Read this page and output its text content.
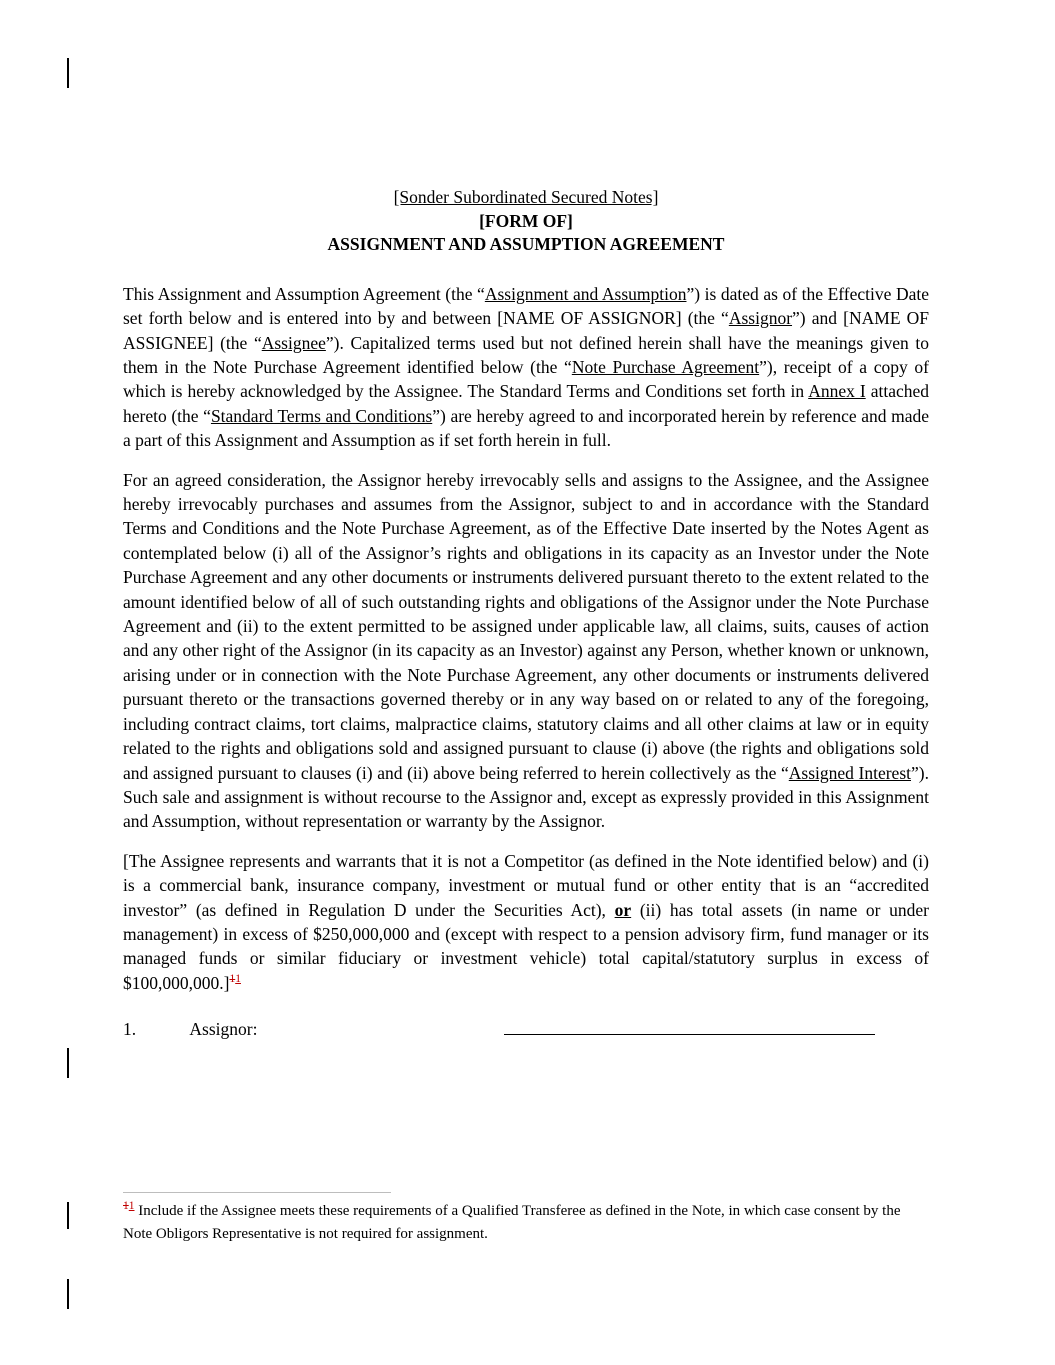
[Sonder Subordinated Secured Notes]
[FORM OF]
ASSIGNMENT AND ASSUMPTION AGREEMENT

This Assignment and Assumption Agreement (the “Assignment and Assumption”) is dated as of the Effective Date set forth below and is entered into by and between [NAME OF ASSIGNOR] (the “Assignor”) and [NAME OF ASSIGNEE] (the “Assignee”). Capitalized terms used but not defined herein shall have the meanings given to them in the Note Purchase Agreement identified below (the “Note Purchase Agreement”), receipt of a copy of which is hereby acknowledged by the Assignee. The Standard Terms and Conditions set forth in Annex I attached hereto (the “Standard Terms and Conditions”) are hereby agreed to and incorporated herein by reference and made a part of this Assignment and Assumption as if set forth herein in full.

For an agreed consideration, the Assignor hereby irrevocably sells and assigns to the Assignee, and the Assignee hereby irrevocably purchases and assumes from the Assignor, subject to and in accordance with the Standard Terms and Conditions and the Note Purchase Agreement, as of the Effective Date inserted by the Notes Agent as contemplated below (i) all of the Assignor’s rights and obligations in its capacity as an Investor under the Note Purchase Agreement and any other documents or instruments delivered pursuant thereto to the extent related to the amount identified below of all of such outstanding rights and obligations of the Assignor under the Note Purchase Agreement and (ii) to the extent permitted to be assigned under applicable law, all claims, suits, causes of action and any other right of the Assignor (in its capacity as an Investor) against any Person, whether known or unknown, arising under or in connection with the Note Purchase Agreement, any other documents or instruments delivered pursuant thereto or the transactions governed thereby or in any way based on or related to any of the foregoing, including contract claims, tort claims, malpractice claims, statutory claims and all other claims at law or in equity related to the rights and obligations sold and assigned pursuant to clause (i) above (the rights and obligations sold and assigned pursuant to clauses (i) and (ii) above being referred to herein collectively as the “Assigned Interest”). Such sale and assignment is without recourse to the Assignor and, except as expressly provided in this Assignment and Assumption, without representation or warranty by the Assignor.

[The Assignee represents and warrants that it is not a Competitor (as defined in the Note identified below) and (i) is a commercial bank, insurance company, investment or mutual fund or other entity that is an “accredited investor” (as defined in Regulation D under the Securities Act), or (ii) has total assets (in name or under management) in excess of $250,000,000 and (except with respect to a pension advisory firm, fund manager or its managed funds or similar fiduciary or investment vehicle) total capital/statutory surplus in excess of $100,000,000.]$^{11}$

1.	Assignor:
$^{11}$ Include if the Assignee meets these requirements of a Qualified Transferee as defined in the Note, in which case consent by the Note Obligors Representative is not required for assignment.
